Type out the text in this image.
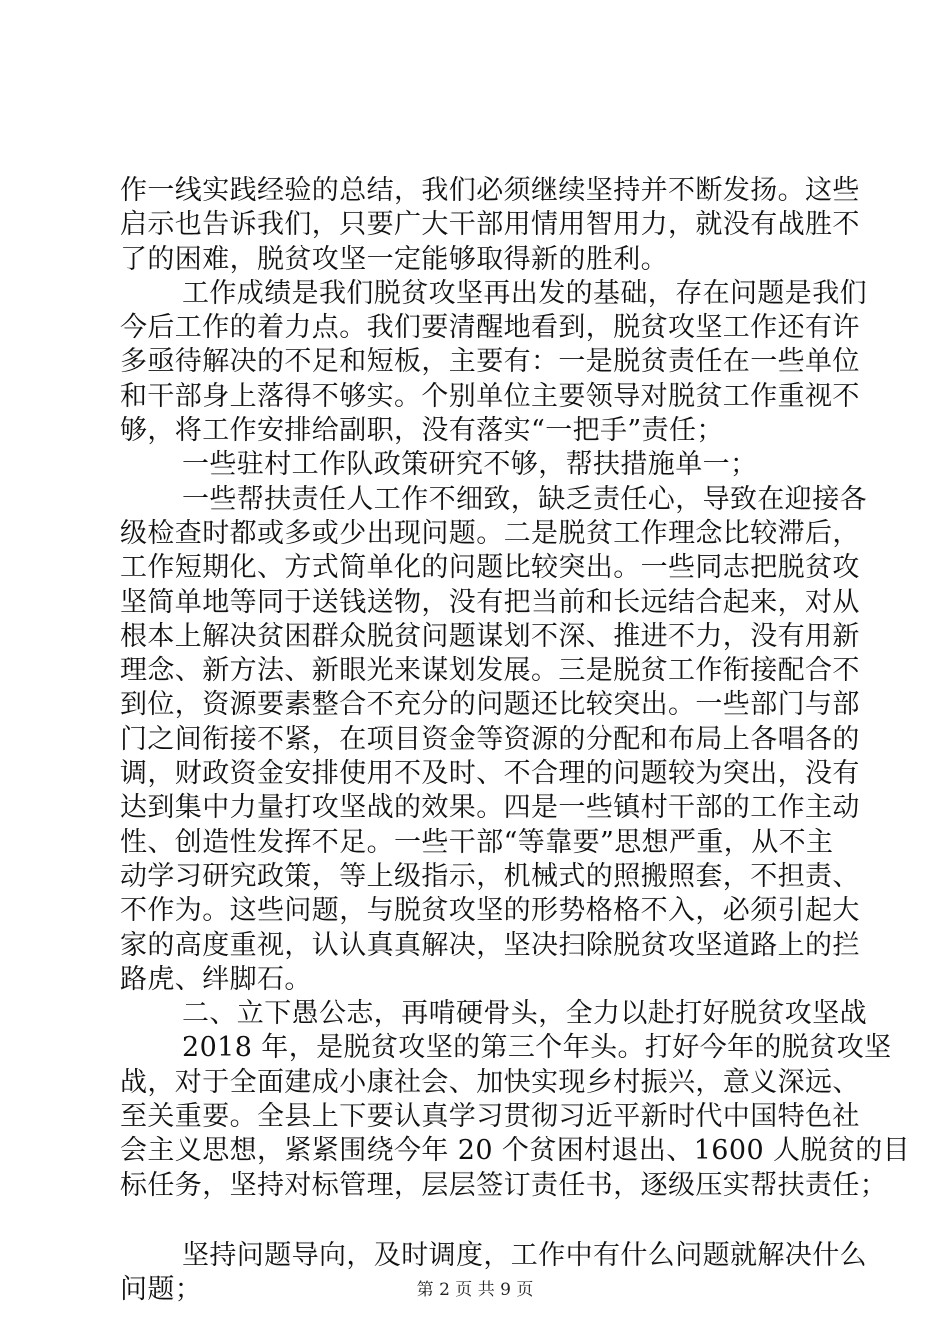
作一线实践经验的总结，我们必须继续坚持并不断发扬。这些
启示也告诉我们，只要广大干部用情用智用力，就没有战胜不
了的困难，脱贫攻坚一定能够取得新的胜利。
工作成绩是我们脱贫攻坚再出发的基础，存在问题是我们
今后工作的着力点。我们要清醒地看到，脱贫攻坚工作还有许
多亟待解决的不足和短板，主要有：一是脱贫责任在一些单位
和干部身上落得不够实。个别单位主要领导对脱贫工作重视不
够，将工作安排给副职，没有落实“一把手”责任；
一些驻村工作队政策研究不够，帮扶措施单一；
一些帮扶责任人工作不细致，缺乏责任心，导致在迎接各
级检查时都或多或少出现问题。二是脱贫工作理念比较滞后，
工作短期化、方式简单化的问题比较突出。一些同志把脱贫攻
坚简单地等同于送钱送物，没有把当前和长远结合起来，对从
根本上解决贫困群众脱贫问题谋划不深、推进不力，没有用新
理念、新方法、新眼光来谋划发展。三是脱贫工作衔接配合不
到位，资源要素整合不充分的问题还比较突出。一些部门与部
门之间衔接不紧，在项目资金等资源的分配和布局上各唱各的
调，财政资金安排使用不及时、不合理的问题较为突出，没有
达到集中力量打攻坚战的效果。四是一些镇村干部的工作主动
性、创造性发挥不足。一些干部“等靠要”思想严重，从不主
动学习研究政策，等上级指示，机械式的照搬照套，不担责、
不作为。这些问题，与脱贫攻坚的形势格格不入，必须引起大
家的高度重视，认认真真解决，坚决扫除脱贫攻坚道路上的拦
路虎、绊脚石。
二、立下愚公志，再啃硬骨头，全力以赴打好脱贫攻坚战
2018 年，是脱贫攻坚的第三个年头。打好今年的脱贫攻坚
战，对于全面建成小康社会、加快实现乡村振兴，意义深远、
至关重要。全县上下要认真学习贯彻习近平新时代中国特色社
会主义思想，紧紧围绕今年 20 个贫困村退出、1600 人脱贫的目
标任务，坚持对标管理，层层签订责任书，逐级压实帮扶责任；
坚持问题导向，及时调度，工作中有什么问题就解决什么
问题；	第 2 页 共 9 页
